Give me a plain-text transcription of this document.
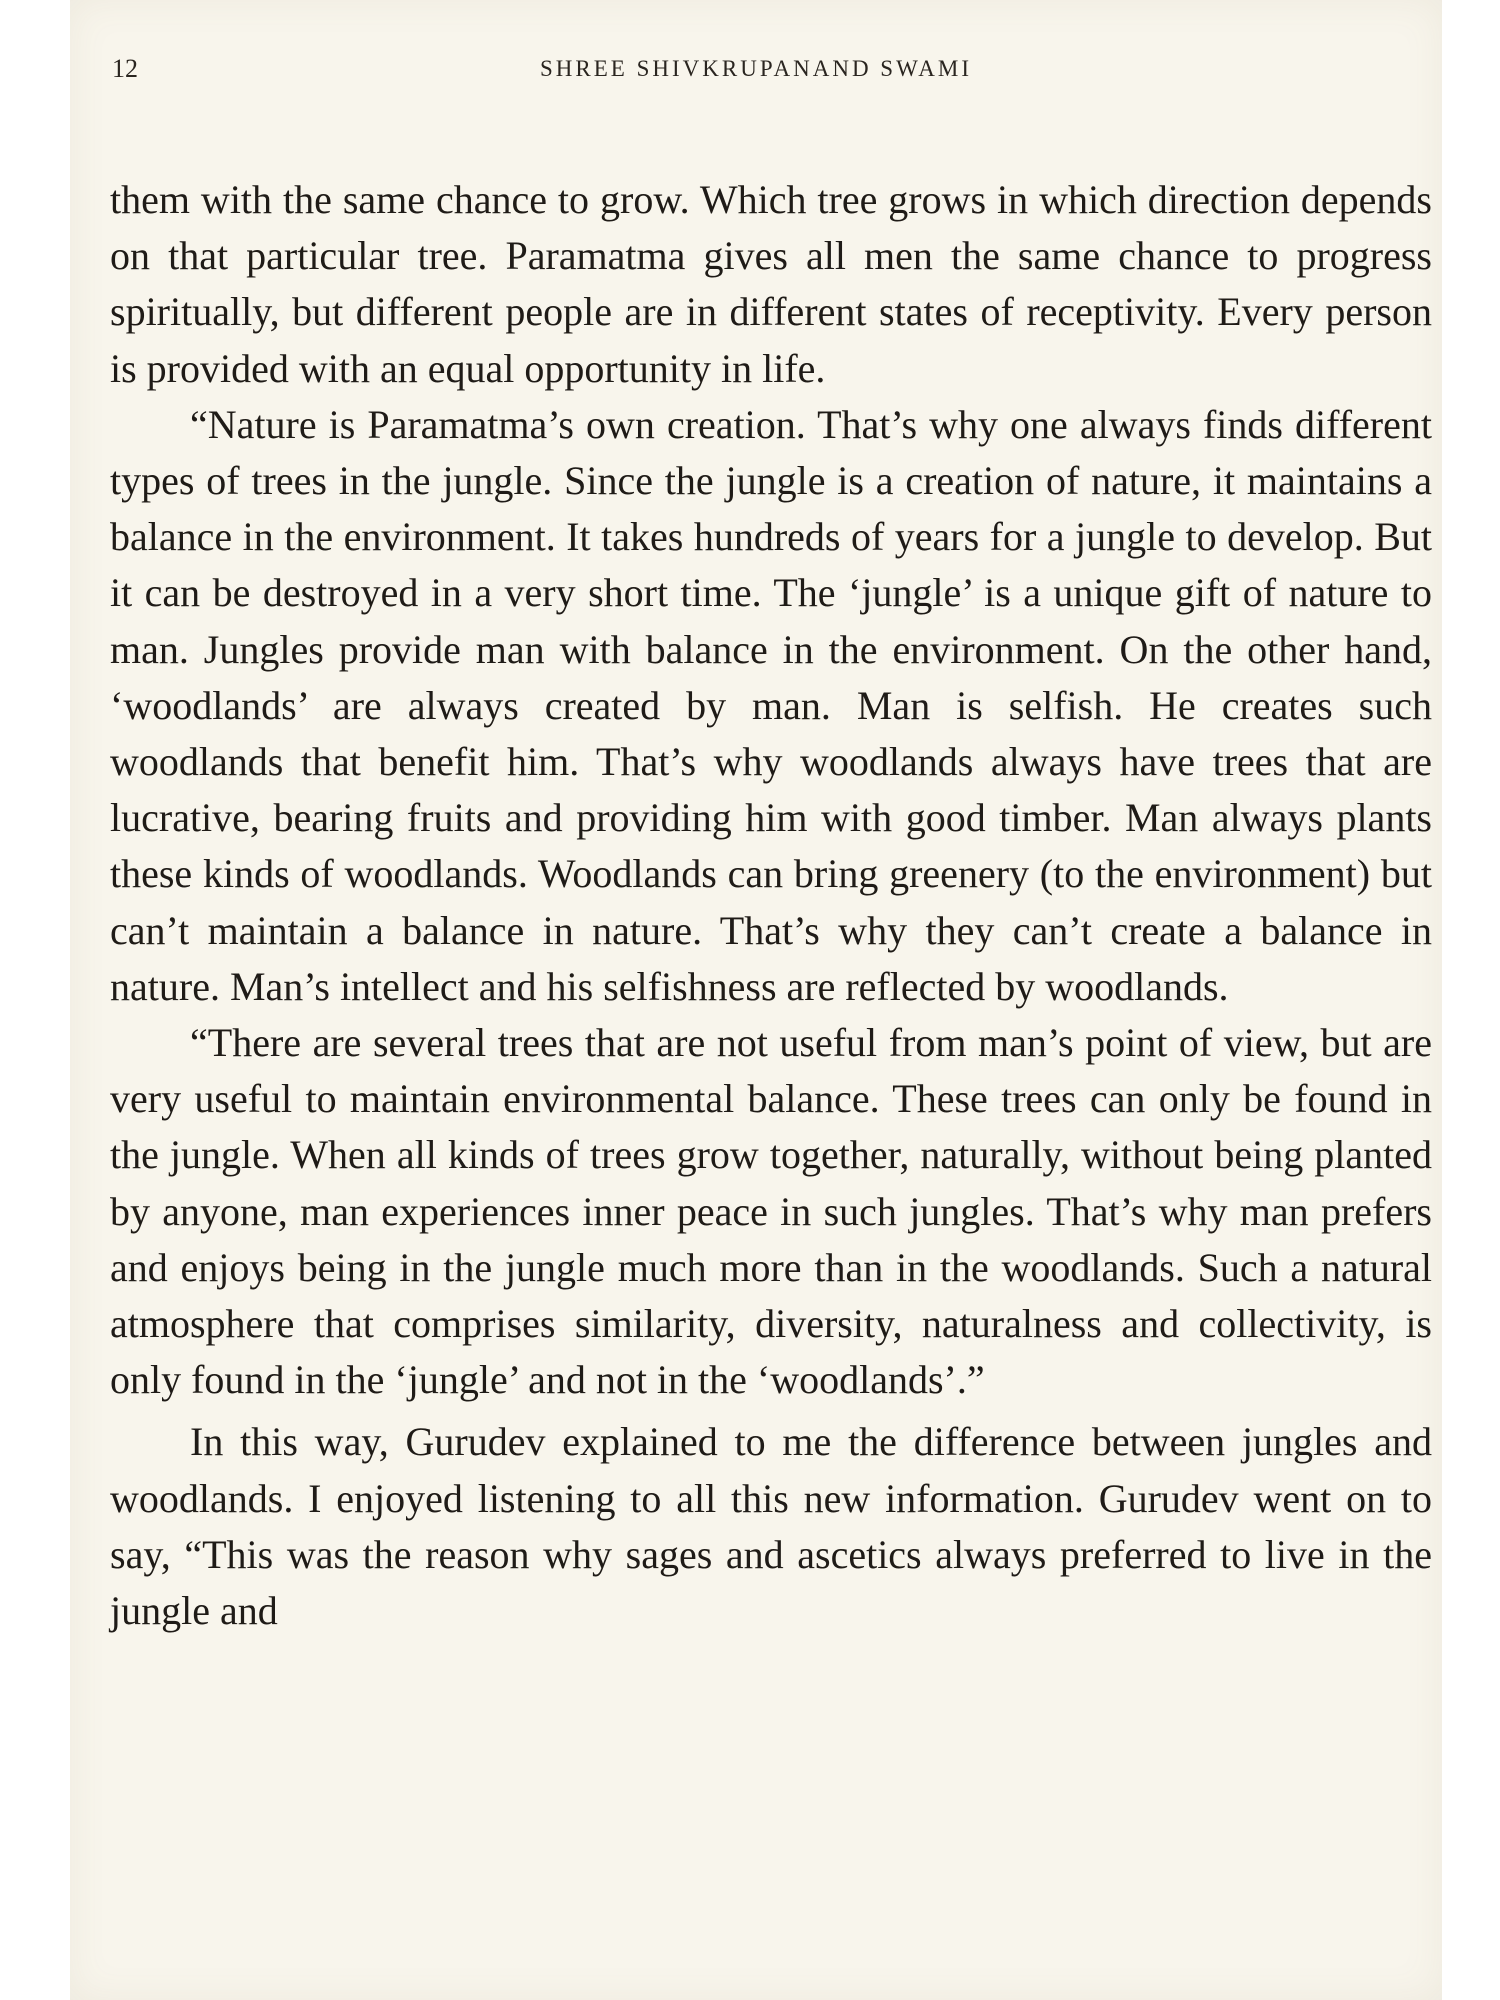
12	SHREE SHIVKRUPANAND SWAMI

them with the same chance to grow. Which tree grows in which direction depends on that particular tree. Paramatma gives all men the same chance to progress spiritually, but different people are in different states of receptivity. Every person is provided with an equal opportunity in life.

“Nature is Paramatma’s own creation. That’s why one always finds different types of trees in the jungle. Since the jungle is a creation of nature, it maintains a balance in the environment. It takes hundreds of years for a jungle to develop. But it can be destroyed in a very short time. The ‘jungle’ is a unique gift of nature to man. Jungles provide man with balance in the environment. On the other hand, ‘woodlands’ are always created by man. Man is selfish. He creates such woodlands that benefit him. That’s why woodlands always have trees that are lucrative, bearing fruits and providing him with good timber. Man always plants these kinds of woodlands. Woodlands can bring greenery (to the environment) but can’t maintain a balance in nature. That’s why they can’t create a balance in nature. Man’s intellect and his selfishness are reflected by woodlands.

“There are several trees that are not useful from man’s point of view, but are very useful to maintain environmental balance. These trees can only be found in the jungle. When all kinds of trees grow together, naturally, without being planted by anyone, man experiences inner peace in such jungles. That’s why man prefers and enjoys being in the jungle much more than in the woodlands. Such a natural atmosphere that comprises similarity, diversity, naturalness and collectivity, is only found in the ‘jungle’ and not in the ‘woodlands’.”

In this way, Gurudev explained to me the difference between jungles and woodlands. I enjoyed listening to all this new information. Gurudev went on to say, “This was the reason why sages and ascetics always preferred to live in the jungle and
